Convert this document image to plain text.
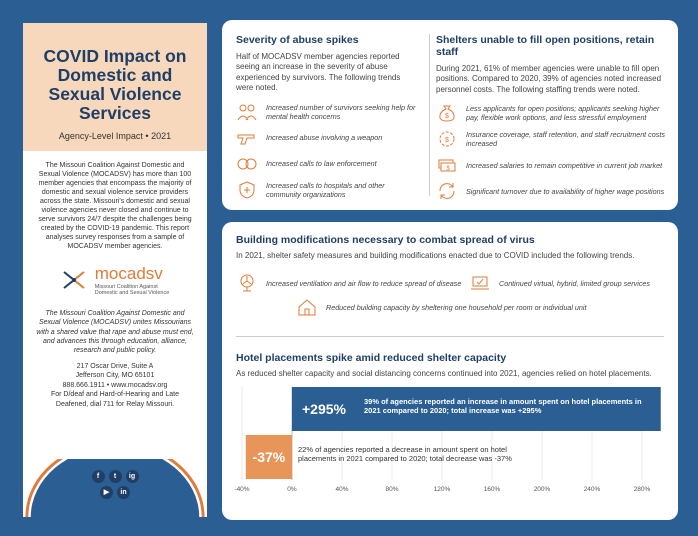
COVID Impact on Domestic and Sexual Violence Services
Agency-Level Impact • 2021
The Missouri Coalition Against Domestic and Sexual Violence (MOCADSV) has more than 100 member agencies that encompass the majority of domestic and sexual violence service providers across the state. Missouri's domestic and sexual violence agencies never closed and continue to serve survivors 24/7 despite the challenges being created by the COVID-19 pandemic. This report analyses survey responses from a sample of MOCADSV member agencies.
mocadsv
Missouri Coalition Against
Domestic and Sexual Violence
The Missouri Coalition Against Domestic and Sexual Violence (MOCADSV) unites Missourians with a shared value that rape and abuse must end, and advances this through education, alliance, research and public policy.
217 Oscar Drive, Suite A
Jefferson City, MO 65101
888.666.1911 • www.mocadsv.org
For D/deaf and Hard-of-Hearing and Late Deafened, dial 711 for Relay Missouri.
f	t	ig
▶	in
Severity of abuse spikes
Half of MOCADSV member agencies reported seeing an increase in the severity of abuse experienced by survivors. The following trends were noted.
Increased number of survivors seeking help for mental health concerns
Increased abuse involving a weapon
Increased calls to law enforcement
Increased calls to hospitals and other community organizations
Shelters unable to fill open positions, retain staff
During 2021, 61% of member agencies were unable to fill open positions. Compared to 2020, 39% of agencies noted increased personnel costs. The following staffing trends were noted.
$
Less applicants for open positions; applicants seeking higher pay, flexible work options, and less stressful employment
$
Insurance coverage, staff retention, and staff recruitment costs increased
$ Increased salaries to remain competitive in current job market
Significant turnover due to availability of higher wage positions
Building modifications necessary to combat spread of virus
In 2021, shelter safety measures and building modifications enacted due to COVID included the following trends.
Increased ventilation and air flow to reduce spread of disease	Continued virtual, hybrid, limited group services
Reduced building capacity by sheltering one household per room or individual unit
Hotel placements spike amid reduced shelter capacity
As reduced shelter capacity and social distancing concerns continued into 2021, agencies relied on hotel placements.
+295% 39% of agencies reported an increase in amount spent on hotel placements in 2021 compared to 2020; total increase was +295%
-37% 22% of agencies reported a decrease in amount spent on hotel placements in 2021 compared to 2020; total decrease was -37%
-40%	0%	40%	80%	120%	160%	200%	240%	280%
